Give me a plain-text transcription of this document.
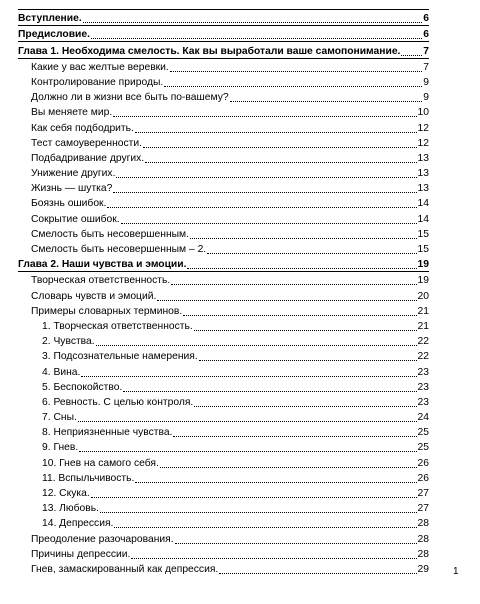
Вступление.	6
Предисловие.	6
Глава 1. Необходима смелость. Как вы выработали ваше самопонимание. 7
Какие у вас желтые веревки.	7
Контролирование природы.	9
Должно ли в жизни все быть по-вашему?	9
Вы меняете мир.	10
Как себя подбодрить.	12
Тест самоуверенности.	12
Подбадривание других.	13
Унижение других.	13
Жизнь — шутка?	13
Боязнь ошибок.	14
Сокрытие ошибок.	14
Смелость быть несовершенным.	15
Смелость быть несовершенным – 2.	15
Глава 2. Наши чувства и эмоции.	19
Творческая ответственность.	19
Словарь чувств и эмоций.	20
Примеры словарных терминов.	21
1. Творческая ответственность.	21
2. Чувства.	22
3. Подсознательные намерения.	22
4. Вина.	23
5. Беспокойство.	23
6. Ревность. С целью контроля.	23
7. Сны.	24
8. Неприязненные чувства.	25
9. Гнев.	25
10. Гнев на самого себя.	26
11. Вспыльчивость.	26
12. Скука.	27
13. Любовь.	27
14. Депрессия.	28
Преодоление разочарования.	28
Причины депрессии.	28
Гнев, замаскированный как депрессия.	29 1
